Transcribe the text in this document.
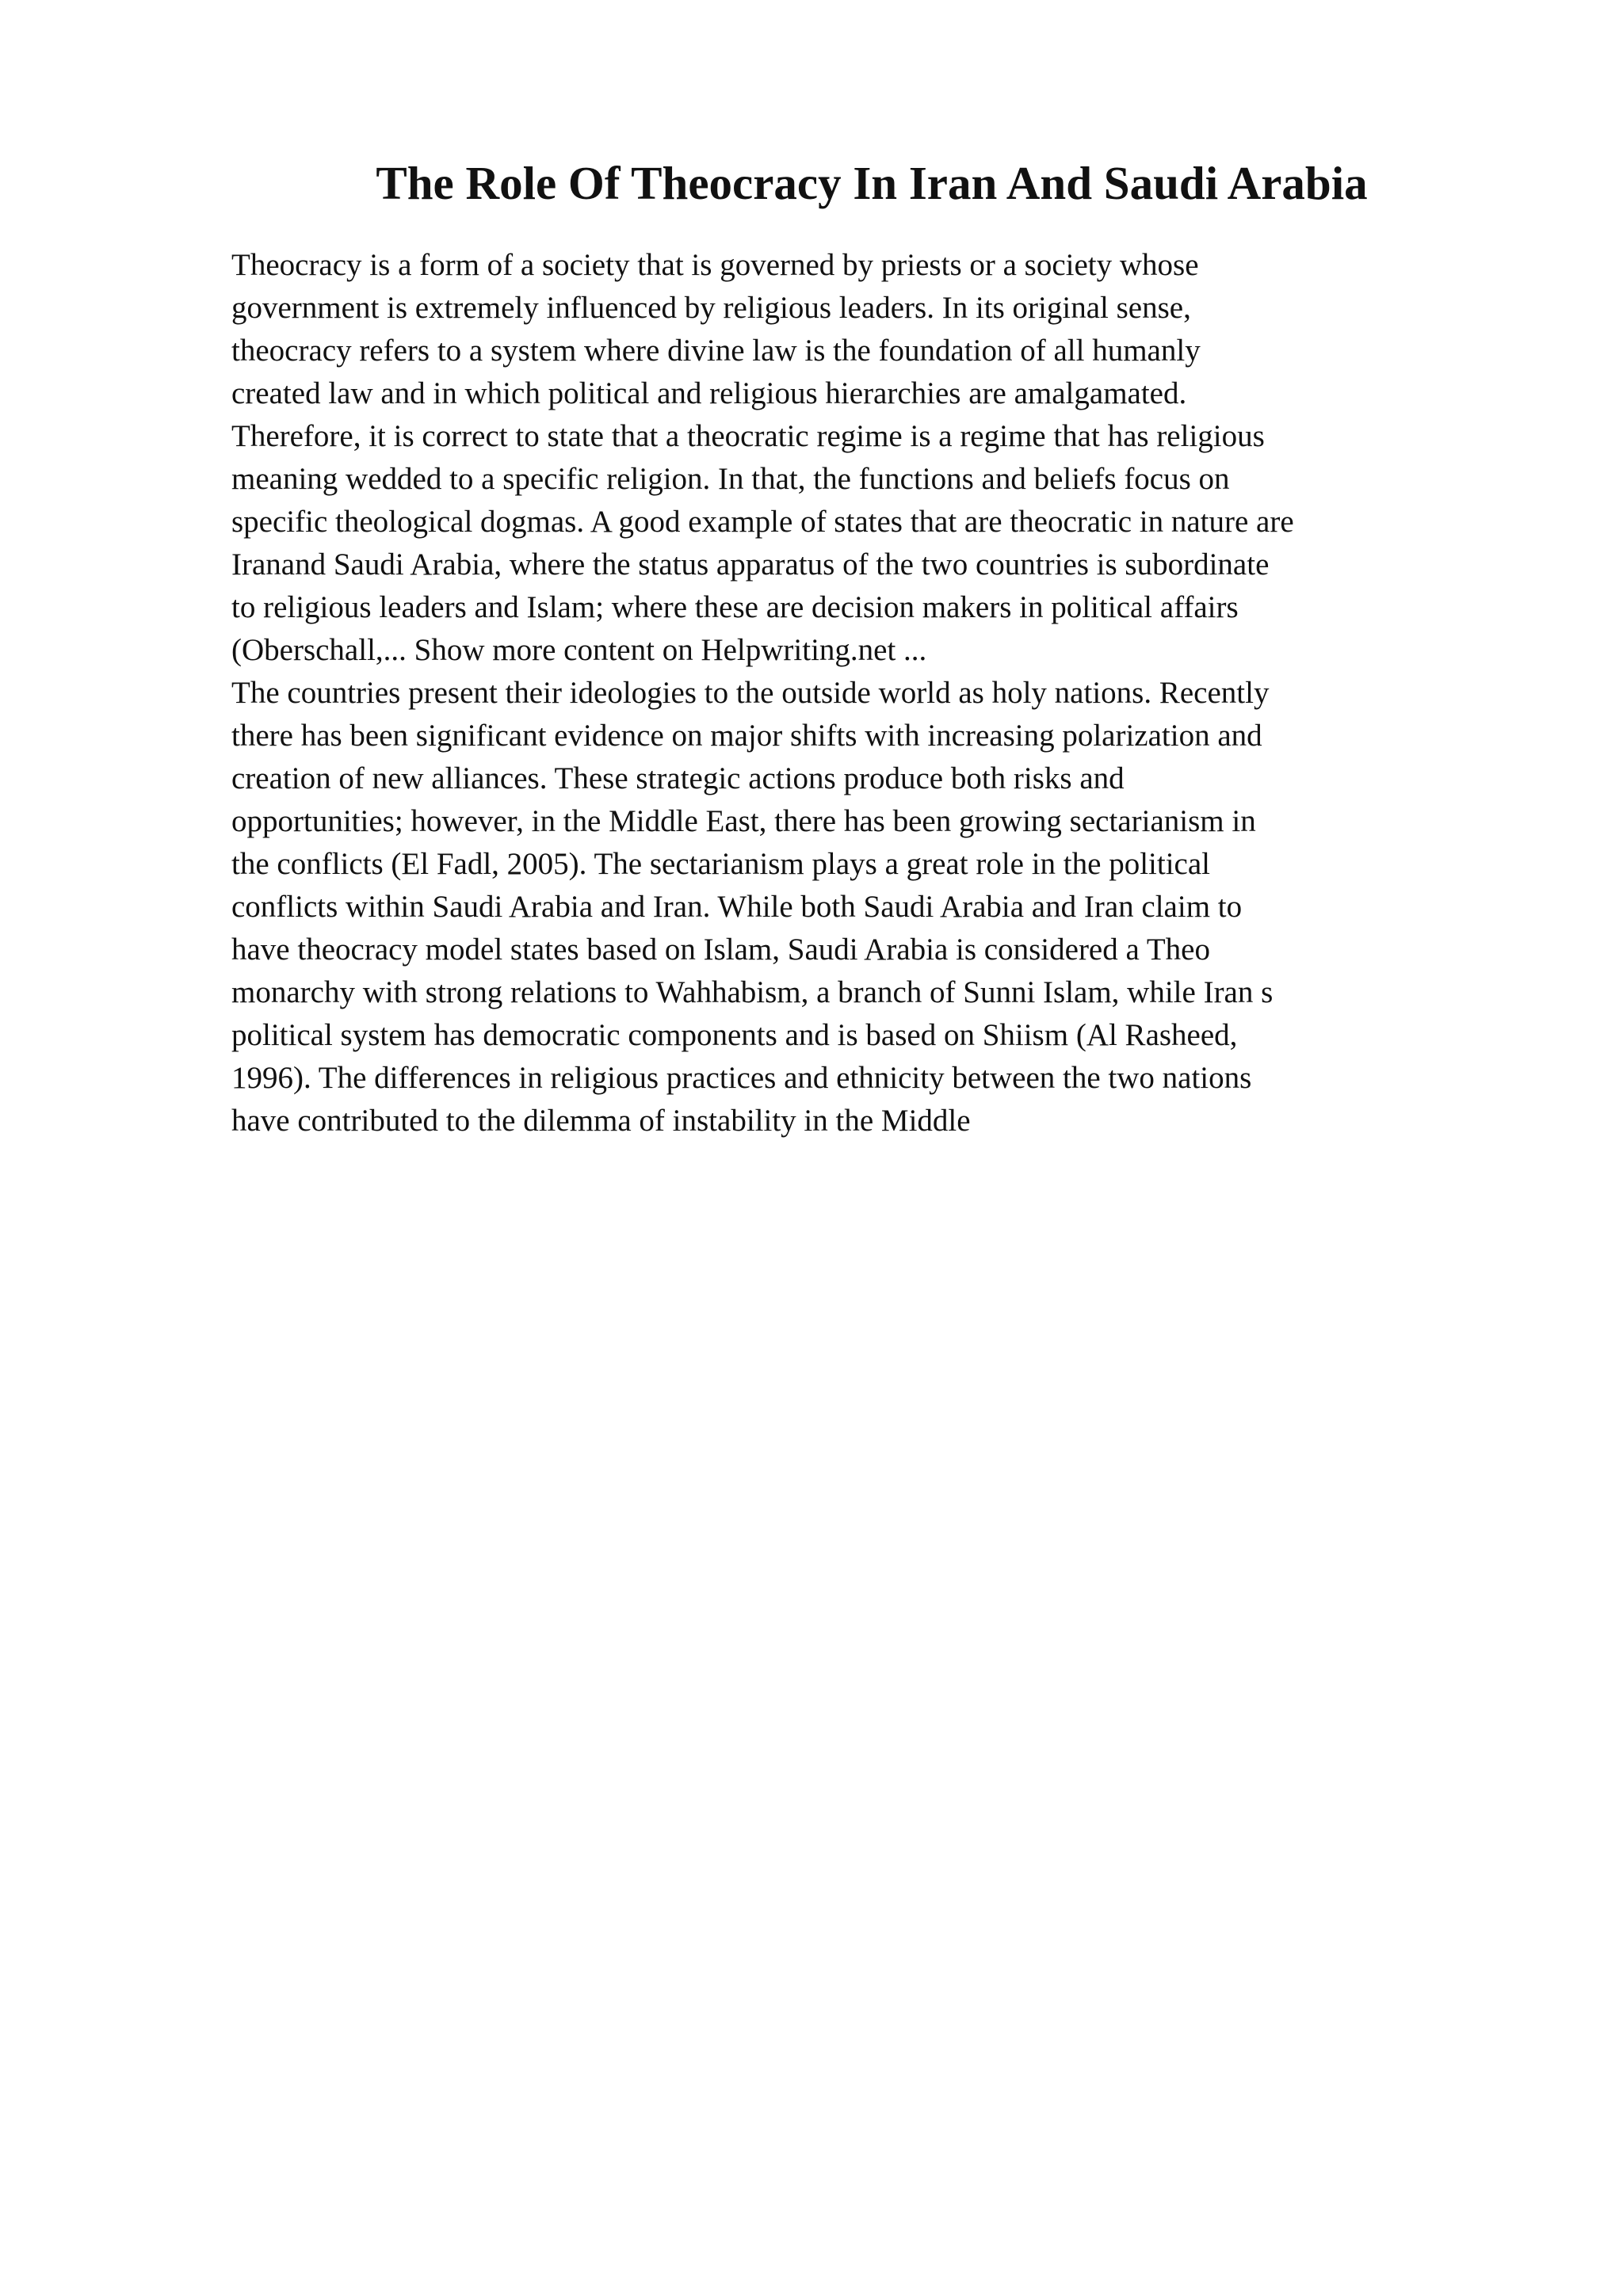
The Role Of Theocracy In Iran And Saudi Arabia
Theocracy is a form of a society that is governed by priests or a society whose
government is extremely influenced by religious leaders. In its original sense,
theocracy refers to a system where divine law is the foundation of all humanly
created law and in which political and religious hierarchies are amalgamated.
Therefore, it is correct to state that a theocratic regime is a regime that has religious
meaning wedded to a specific religion. In that, the functions and beliefs focus on
specific theological dogmas. A good example of states that are theocratic in nature are
Iranand Saudi Arabia, where the status apparatus of the two countries is subordinate
to religious leaders and Islam; where these are decision makers in political affairs
(Oberschall,... Show more content on Helpwriting.net ...
The countries present their ideologies to the outside world as holy nations. Recently
there has been significant evidence on major shifts with increasing polarization and
creation of new alliances. These strategic actions produce both risks and
opportunities; however, in the Middle East, there has been growing sectarianism in
the conflicts (El Fadl, 2005). The sectarianism plays a great role in the political
conflicts within Saudi Arabia and Iran. While both Saudi Arabia and Iran claim to
have theocracy model states based on Islam, Saudi Arabia is considered a Theo
monarchy with strong relations to Wahhabism, a branch of Sunni Islam, while Iran s
political system has democratic components and is based on Shiism (Al Rasheed,
1996). The differences in religious practices and ethnicity between the two nations
have contributed to the dilemma of instability in the Middle
